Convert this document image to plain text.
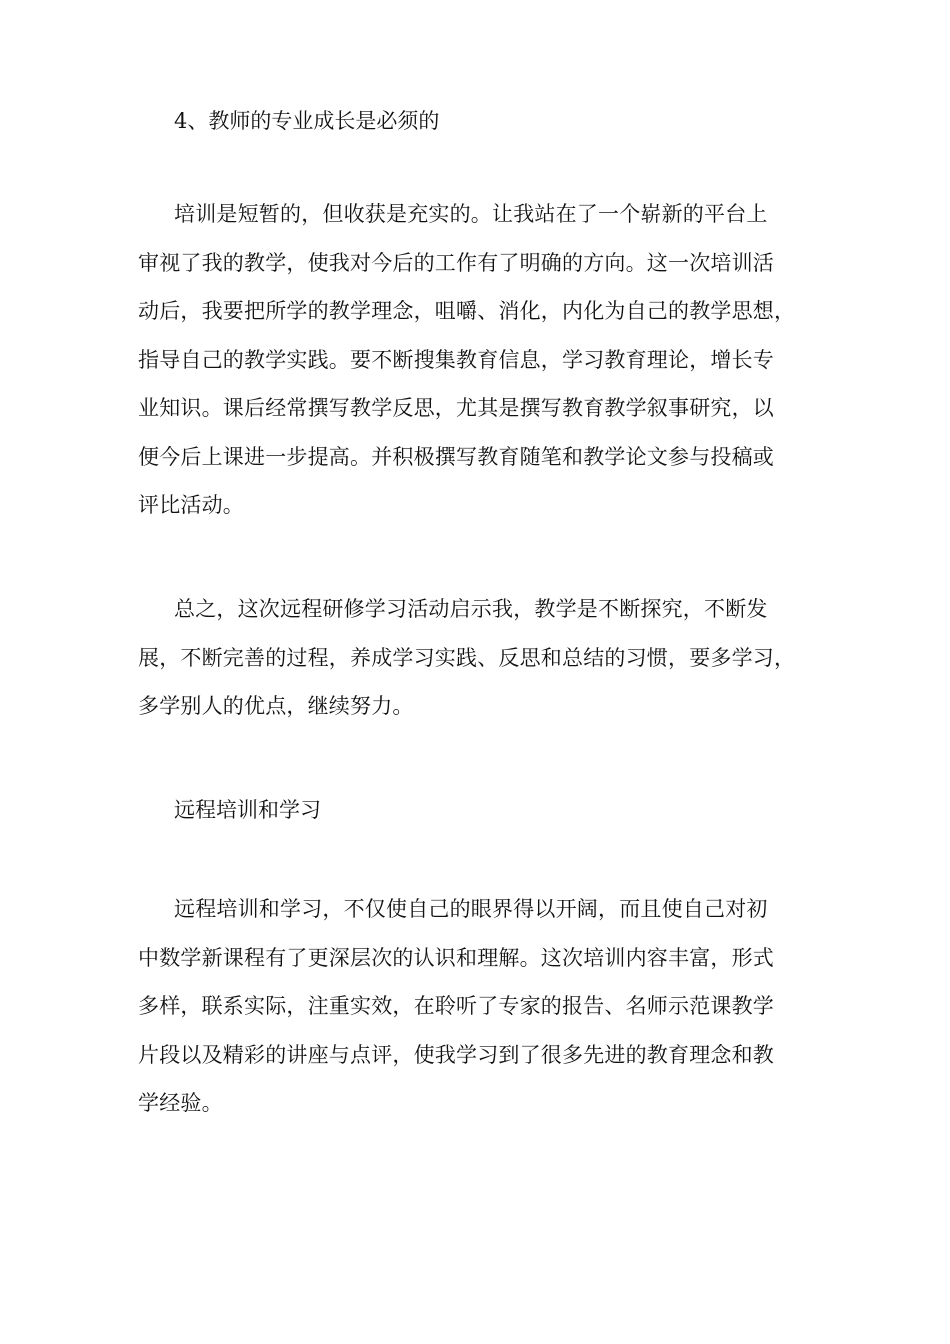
4、教师的专业成长是必须的

培训是短暂的，但收获是充实的。让我站在了一个崭新的平台上
审视了我的教学，使我对今后的工作有了明确的方向。这一次培训活
动后，我要把所学的教学理念，咀嚼、消化，内化为自己的教学思想，
指导自己的教学实践。要不断搜集教育信息，学习教育理论，增长专
业知识。课后经常撰写教学反思，尤其是撰写教育教学叙事研究，以
便今后上课进一步提高。并积极撰写教育随笔和教学论文参与投稿或
评比活动。
总之，这次远程研修学习活动启示我，教学是不断探究，不断发
展，不断完善的过程，养成学习实践、反思和总结的习惯，要多学习，
多学别人的优点，继续努力。

远程培训和学习

远程培训和学习，不仅使自己的眼界得以开阔，而且使自己对初
中数学新课程有了更深层次的认识和理解。这次培训内容丰富，形式
多样，联系实际，注重实效，在聆听了专家的报告、名师示范课教学
片段以及精彩的讲座与点评，使我学习到了很多先进的教育理念和教
学经验。
